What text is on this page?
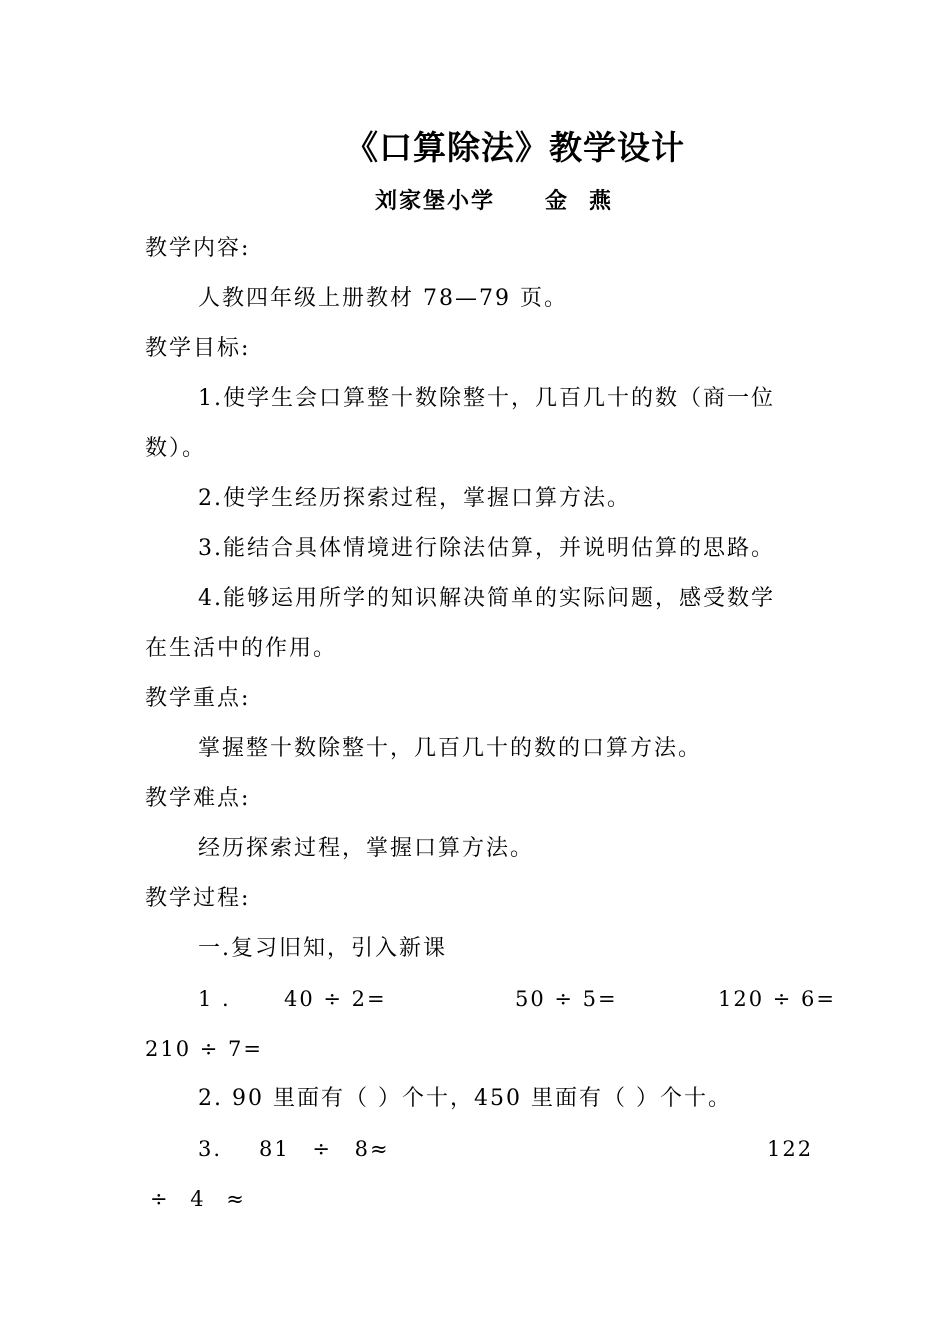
《口算除法》教学设计
刘家堡小学 金燕
教学内容:
人教四年级上册教材 78—79 页。
教学目标:
1.使学生会口算整十数除整十，几百几十的数（商一位
数）。
2.使学生经历探索过程，掌握口算方法。
3.能结合具体情境进行除法估算，并说明估算的思路。
4.能够运用所学的知识解决简单的实际问题，感受数学
在生活中的作用。
教学重点:
掌握整十数除整十，几百几十的数的口算方法。
教学难点:
经历探索过程，掌握口算方法。
教学过程:
一.复习旧知，引入新课
1 .	40 ÷ 2=	50 ÷ 5=	120 ÷ 6=
210 ÷ 7=
2. 90 里面有（ ）个十，450 里面有（ ）个十。
3. 81 ÷ 8≈	122
÷ 4 ≈
